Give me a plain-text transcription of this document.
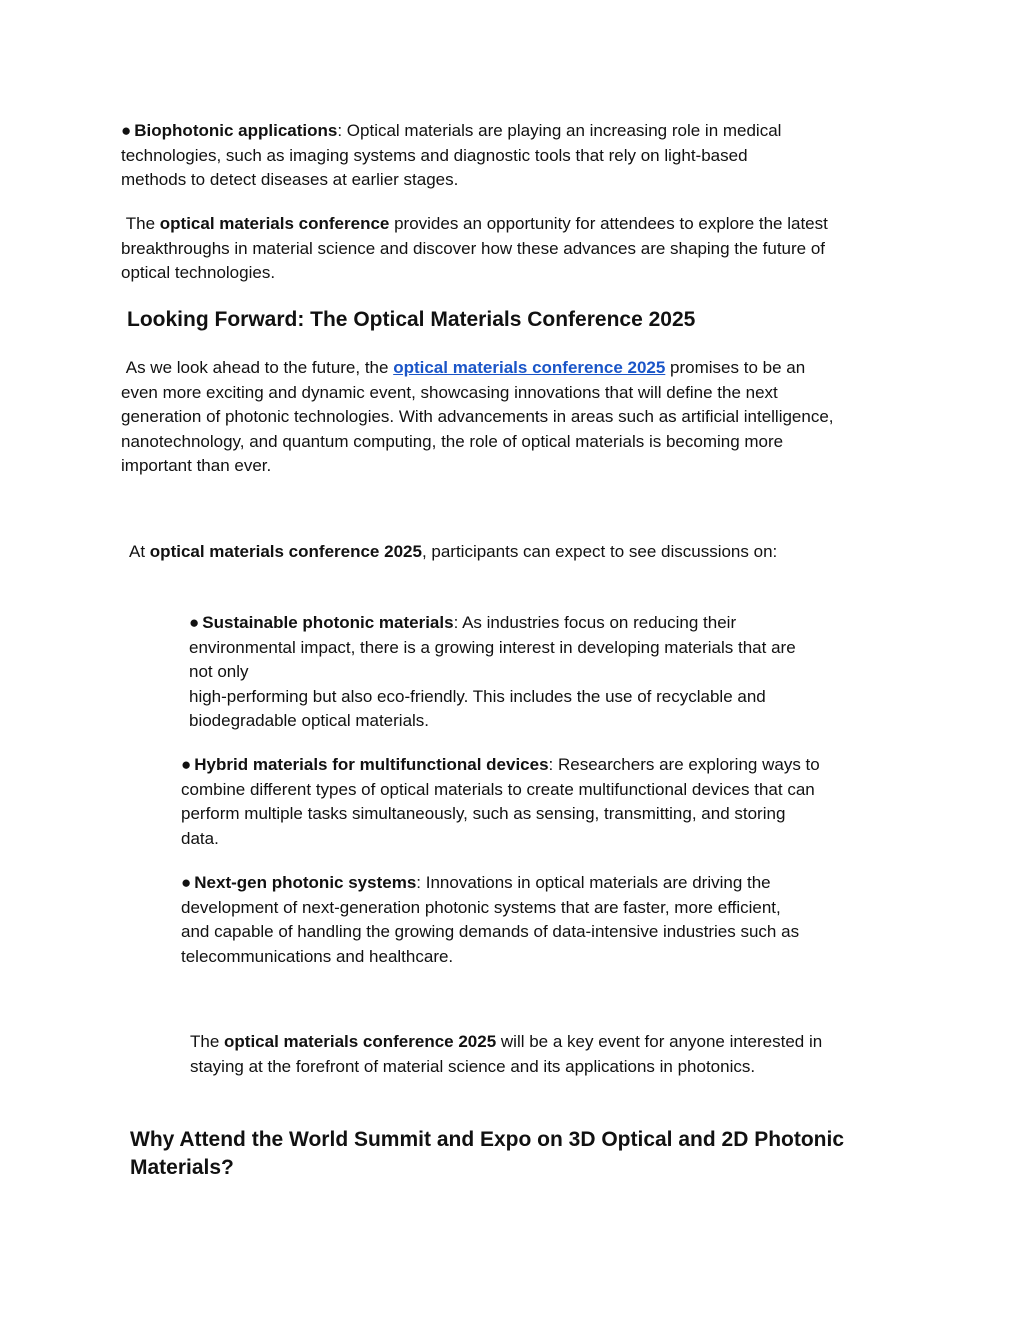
● Biophotonic applications: Optical materials are playing an increasing role in medical
technologies, such as imaging systems and diagnostic tools that rely on light-based
methods to detect diseases at earlier stages.
The optical materials conference provides an opportunity for attendees to explore the latest
breakthroughs in material science and discover how these advances are shaping the future of
optical technologies.
Looking Forward: The Optical Materials Conference 2025
As we look ahead to the future, the optical materials conference 2025 promises to be an
even more exciting and dynamic event, showcasing innovations that will define the next
generation of photonic technologies. With advancements in areas such as artificial intelligence,
nanotechnology, and quantum computing, the role of optical materials is becoming more
important than ever.
At optical materials conference 2025, participants can expect to see discussions on:
● Sustainable photonic materials: As industries focus on reducing their
environmental impact, there is a growing interest in developing materials that are
not only
high-performing but also eco-friendly. This includes the use of recyclable and
biodegradable optical materials.
● Hybrid materials for multifunctional devices: Researchers are exploring ways to
combine different types of optical materials to create multifunctional devices that can
perform multiple tasks simultaneously, such as sensing, transmitting, and storing
data.
● Next-gen photonic systems: Innovations in optical materials are driving the
development of next-generation photonic systems that are faster, more efficient,
and capable of handling the growing demands of data-intensive industries such as
telecommunications and healthcare.
The optical materials conference 2025 will be a key event for anyone interested in
staying at the forefront of material science and its applications in photonics.
Why Attend the World Summit and Expo on 3D Optical and 2D Photonic
Materials?
